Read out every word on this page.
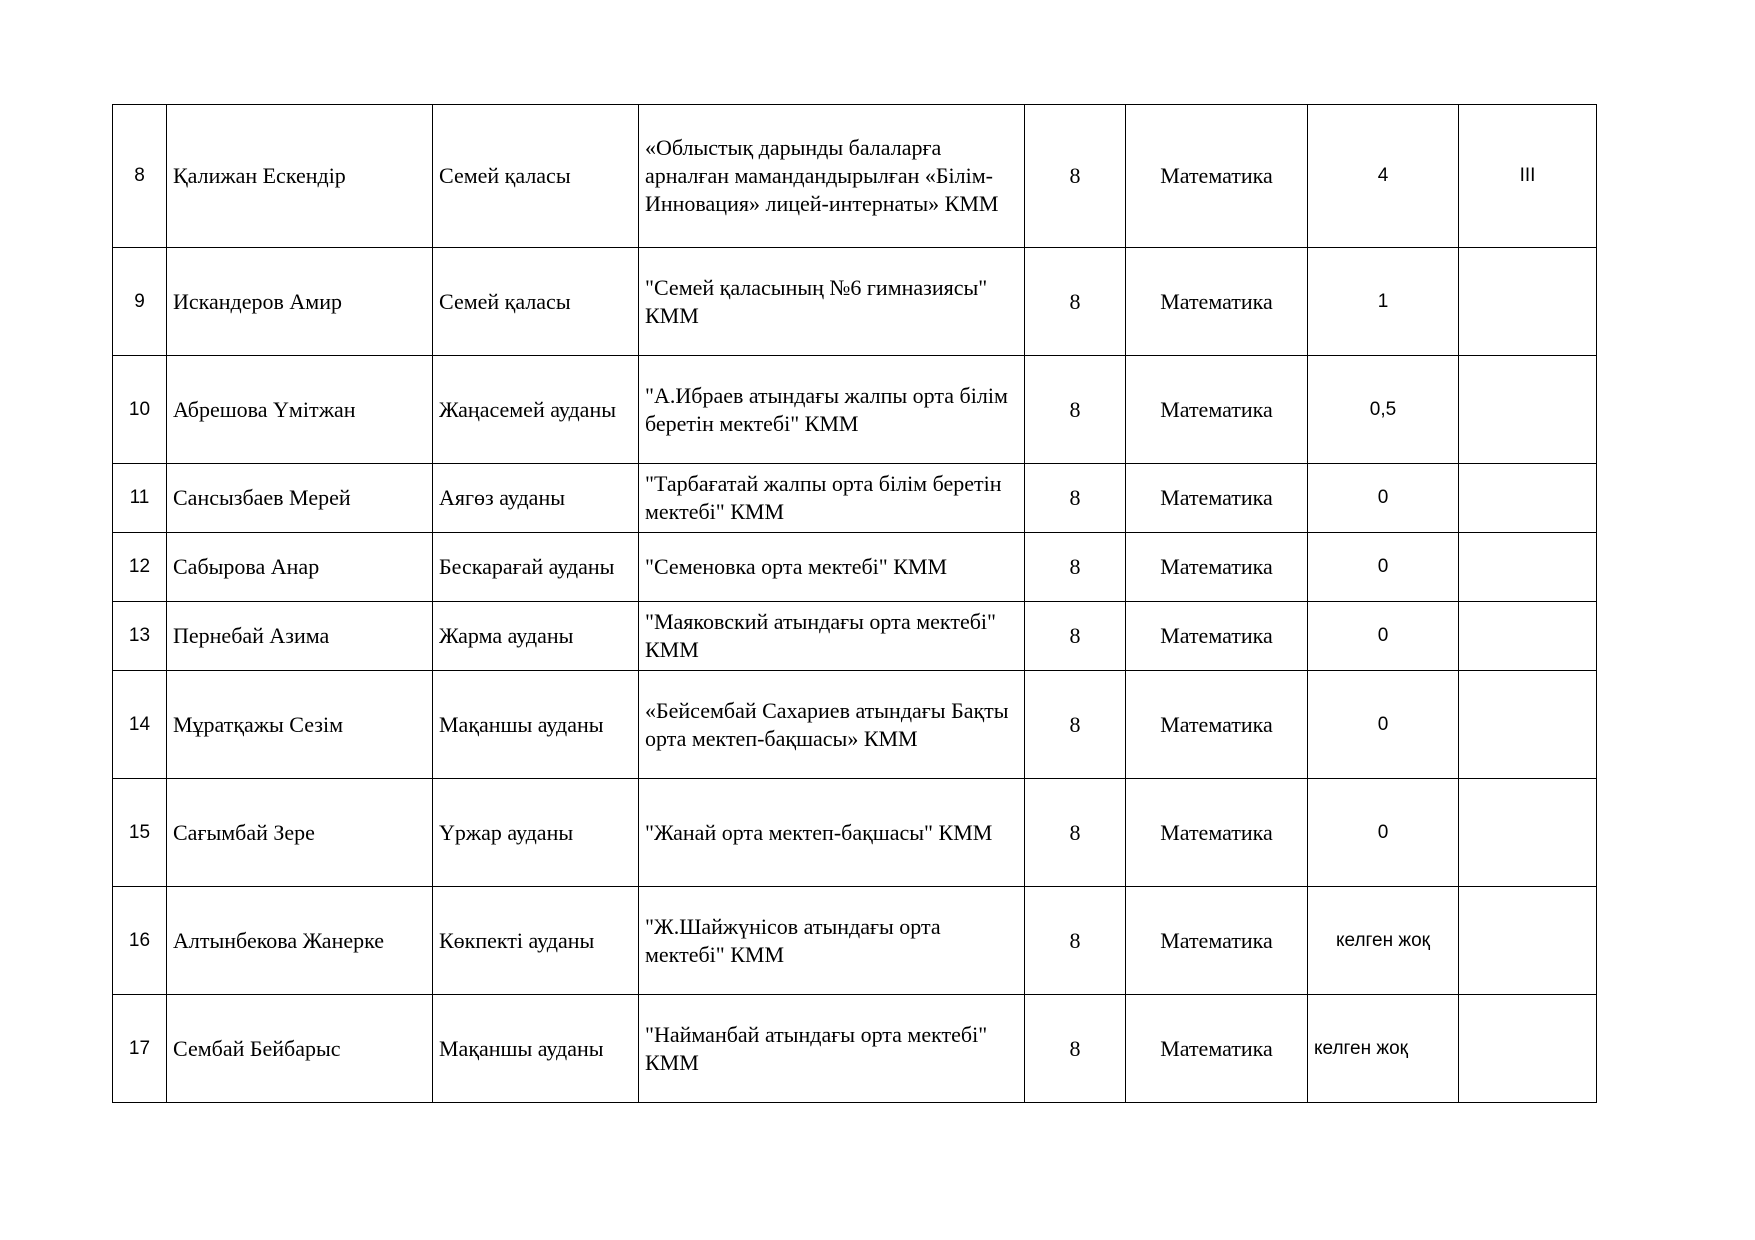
8	Қалижан Ескендір	Семей қаласы	«Облыстық дарынды балаларға арналған мамандандырылған «Білім-Инновация» лицей-интернаты» КММ	8	Математика	4	III
9	Искандеров Амир	Семей қаласы	"Семей қаласының №6 гимназиясы" КММ	8	Математика	1	
10	Абрешова Үмітжан	Жаңасемей ауданы	"А.Ибраев атындағы жалпы орта білім беретін мектебі" КММ	8	Математика	0,5	
11	Сансызбаев Мерей	Аягөз ауданы	"Тарбағатай жалпы орта білім беретін мектебі" КММ	8	Математика	0	
12	Сабырова Анар	Бескарағай ауданы	"Семеновка орта мектебі" КММ	8	Математика	0	
13	Пернебай Азима	Жарма ауданы	"Маяковский атындағы орта мектебі" КММ	8	Математика	0	
14	Мұратқажы Сезім	Мақаншы ауданы	«Бейсембай Сахариев атындағы Бақты орта мектеп-бақшасы» КММ	8	Математика	0	
15	Сағымбай Зере	Үржар ауданы	"Жанай орта мектеп-бақшасы" КММ	8	Математика	0	
16	Алтынбекова Жанерке	Көкпекті ауданы	"Ж.Шайжүнісов атындағы орта мектебі" КММ	8	Математика	келген жоқ	
17	Сембай Бейбарыс	Мақаншы ауданы	"Найманбай атындағы орта мектебі" КММ	8	Математика	келген жоқ	
